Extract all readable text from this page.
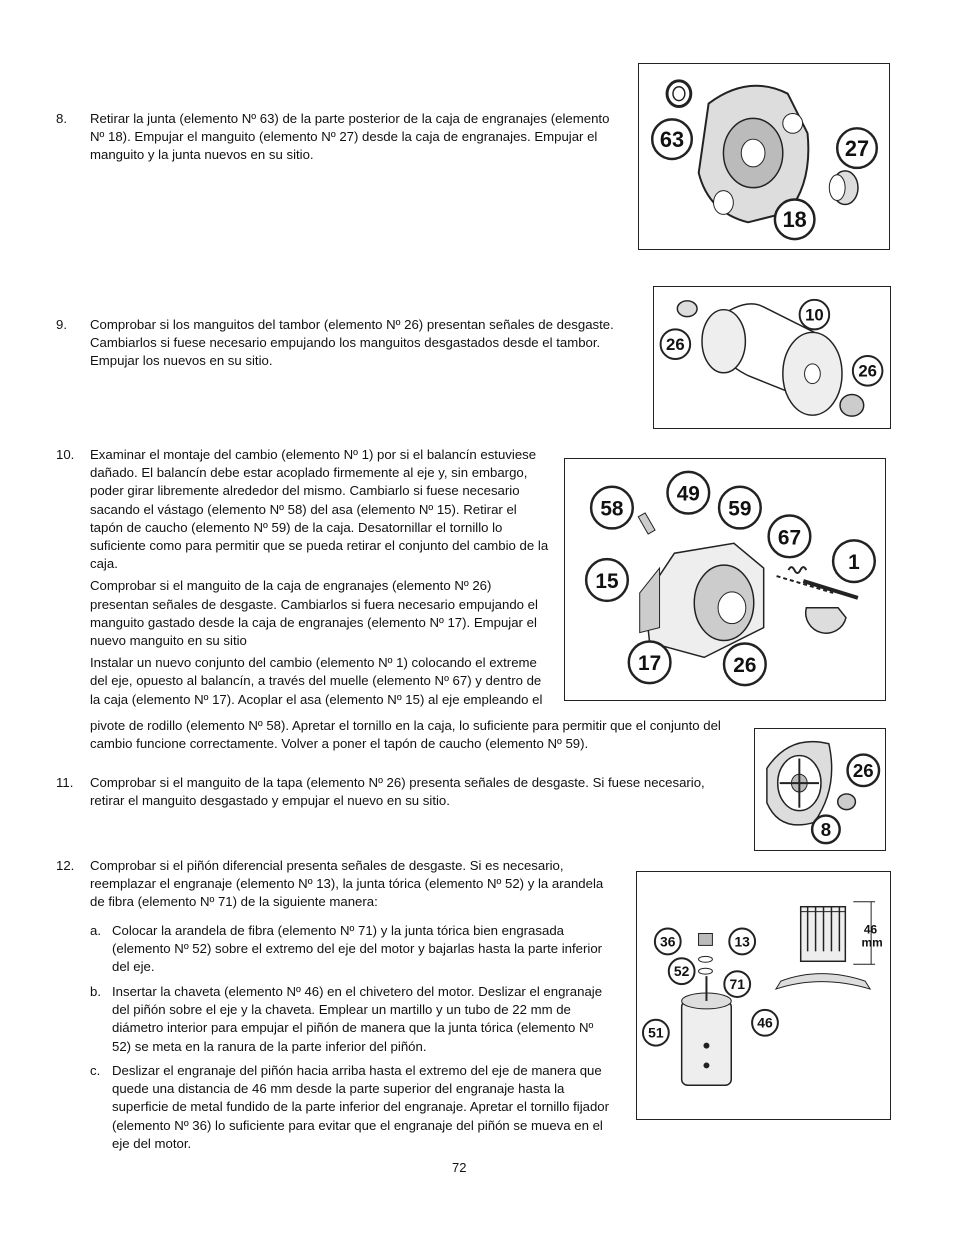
8. Retirar la junta (elemento Nº 63) de la parte posterior de la caja de engranajes (elemento Nº 18). Empujar el manguito (elemento Nº 27) desde la caja de engranajes. Empujar el manguito y la junta nuevos en su sitio.
63	27
18
9. Comprobar si los manguitos del tambor (elemento Nº 26) presentan señales de desgaste. Cambiarlos si fuese necesario empujando los manguitos desgastados desde el tambor. Empujar los nuevos en su sitio.
10
26
26
10. Examinar el montaje del cambio (elemento Nº 1) por si el balancín estuviese dañado. El balancín debe estar acoplado firmemente al eje y, sin embargo, poder girar libremente alrededor del mismo. Cambiarlo si fuese necesario sacando el vástago (elemento Nº 58) del asa (elemento Nº 15). Retirar el tapón de caucho (elemento Nº 59) de la caja. Desatornillar el tornillo lo suficiente como para permitir que se pueda retirar el conjunto del cambio de la caja.

Comprobar si el manguito de la caja de engranajes (elemento Nº 26) presentan señales de desgaste. Cambiarlos si fuera necesario empujando el manguito gastado desde la caja de engranajes (elemento Nº 17). Empujar el nuevo manguito en su sitio

Instalar un nuevo conjunto del cambio (elemento Nº 1) colocando el extreme del eje, opuesto al balancín, a través del muelle (elemento Nº 67) y dentro de la caja (elemento Nº 17). Acoplar el asa (elemento Nº 15) al eje empleando el

pivote de rodillo (elemento Nº 58). Apretar el tornillo en la caja, lo suficiente para permitir que el conjunto del cambio funcione correctamente. Volver a poner el tapón de caucho (elemento Nº 59).
58
49
59
67
1
15
17	26
11. Comprobar si el manguito de la tapa (elemento Nº 26) presenta señales de desgaste. Si fuese necesario, retirar el manguito desgastado y empujar el nuevo en su sitio.
26
8
12. Comprobar si el piñón diferencial presenta señales de desgaste. Si es necesario, reemplazar el engranaje (elemento Nº 13), la junta tórica (elemento Nº 52) y la arandela de fibra (elemento Nº 71) de la siguiente manera:
a. Colocar la arandela de fibra (elemento Nº 71) y la junta tórica bien engrasada (elemento Nº 52) sobre el extremo del eje del motor y bajarlas hasta la parte inferior del eje.
b. Insertar la chaveta (elemento Nº 46) en el chivetero del motor. Deslizar el engranaje del piñón sobre el eje y la chaveta. Emplear un martillo y un tubo de 22 mm de diámetro interior para empujar el piñón de manera que la junta tórica (elemento Nº 52) se meta en la ranura de la parte inferior del piñón.
c. Deslizar el engranaje del piñón hacia arriba hasta el extremo del eje de manera que quede una distancia de 46 mm desde la parte superior del engranaje hasta la superficie de metal fundido de la parte inferior del engranaje. Apretar el tornillo fijador (elemento Nº 36) lo suficiente para evitar que el engranaje del piñón se mueva en el eje del motor.
46 mm
36	13
52
71
51
46
72
